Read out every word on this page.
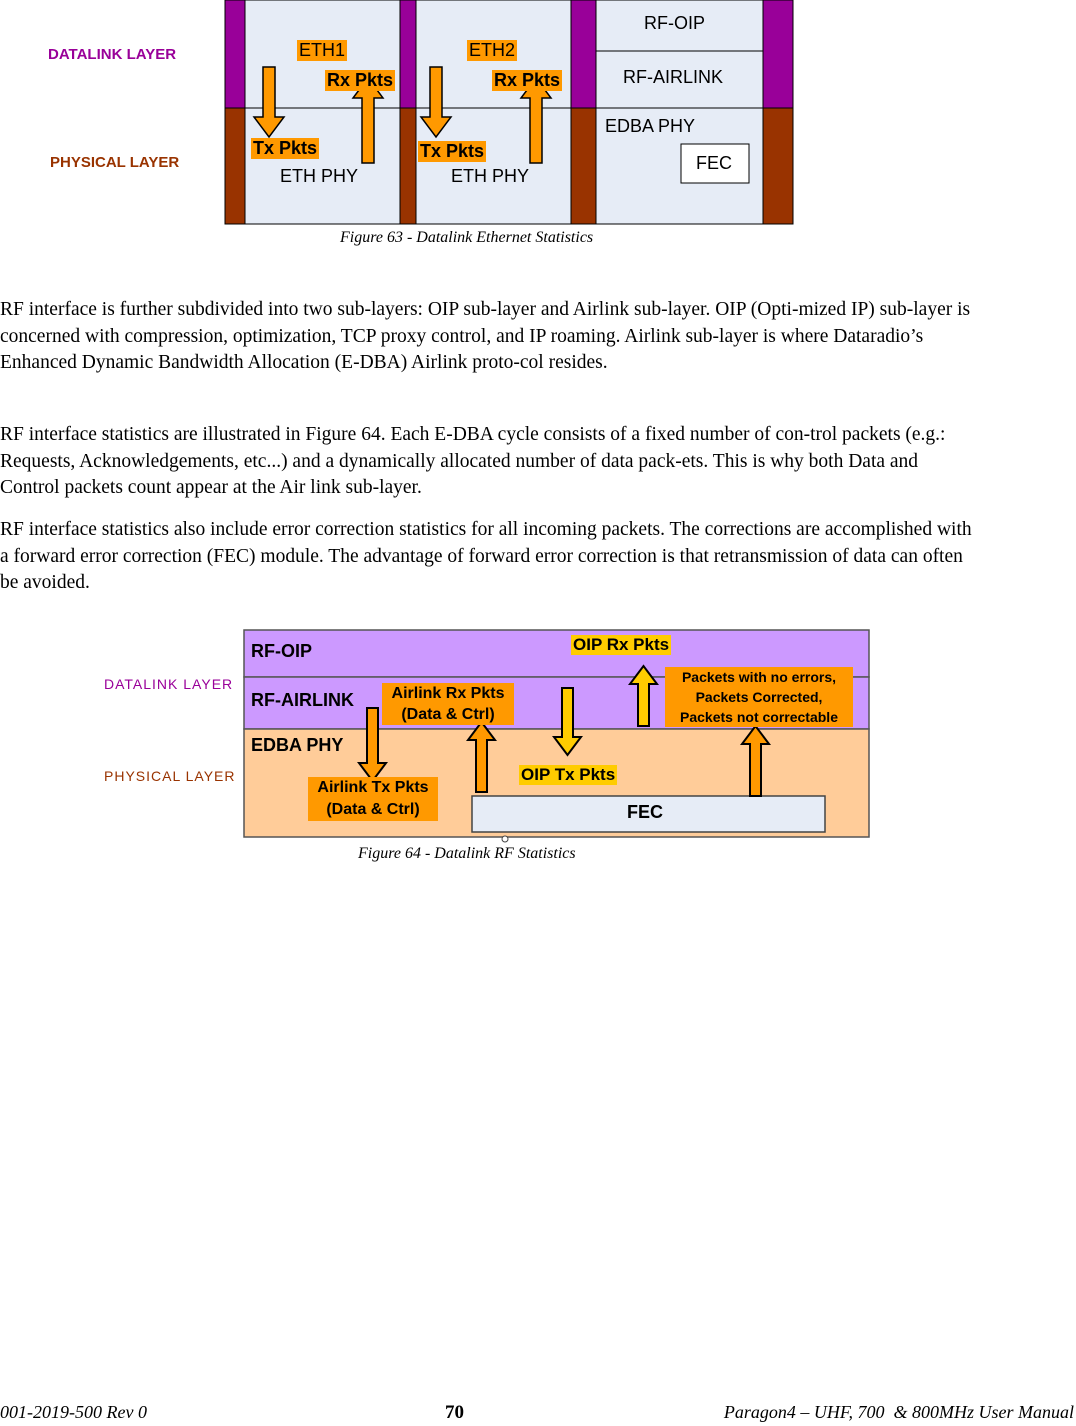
DATALINK LAYER
PHYSICAL LAYER
ETH1
Rx Pkts
Tx Pkts
ETH PHY
ETH2
Rx Pkts
Tx Pkts
ETH PHY
RF-OIP
RF-AIRLINK
EDBA PHY
FEC
Figure 63 - Datalink Ethernet Statistics

RF interface is further subdivided into two sub-layers: OIP sub-layer and Airlink sub-layer. OIP (Opti-mized IP) sub-layer is concerned with compression, optimization, TCP proxy control, and IP roaming. Airlink sub-layer is where Dataradio’s Enhanced Dynamic Bandwidth Allocation (E-DBA) Airlink proto-col resides.

RF interface statistics are illustrated in Figure 64. Each E-DBA cycle consists of a fixed number of con-trol packets (e.g.: Requests, Acknowledgements, etc...) and a dynamically allocated number of data pack-ets. This is why both Data and Control packets count appear at the Air link sub-layer.

RF interface statistics also include error correction statistics for all incoming packets. The corrections are accomplished with a forward error correction (FEC) module. The advantage of forward error correction is that retransmission of data can often be avoided.

DATALINK LAYER
PHYSICAL LAYER
RF-OIP
RF-AIRLINK
EDBA PHY
OIP Rx Pkts
Airlink Rx Pkts
(Data & Ctrl)
Packets with no errors,
Packets Corrected,
Packets not correctable
Airlink Tx Pkts
(Data & Ctrl)
OIP Tx Pkts
FEC
Figure 64 - Datalink RF Statistics
001-2019-500 Rev 0	70	Paragon4 – UHF, 700  & 800MHz User Manual
